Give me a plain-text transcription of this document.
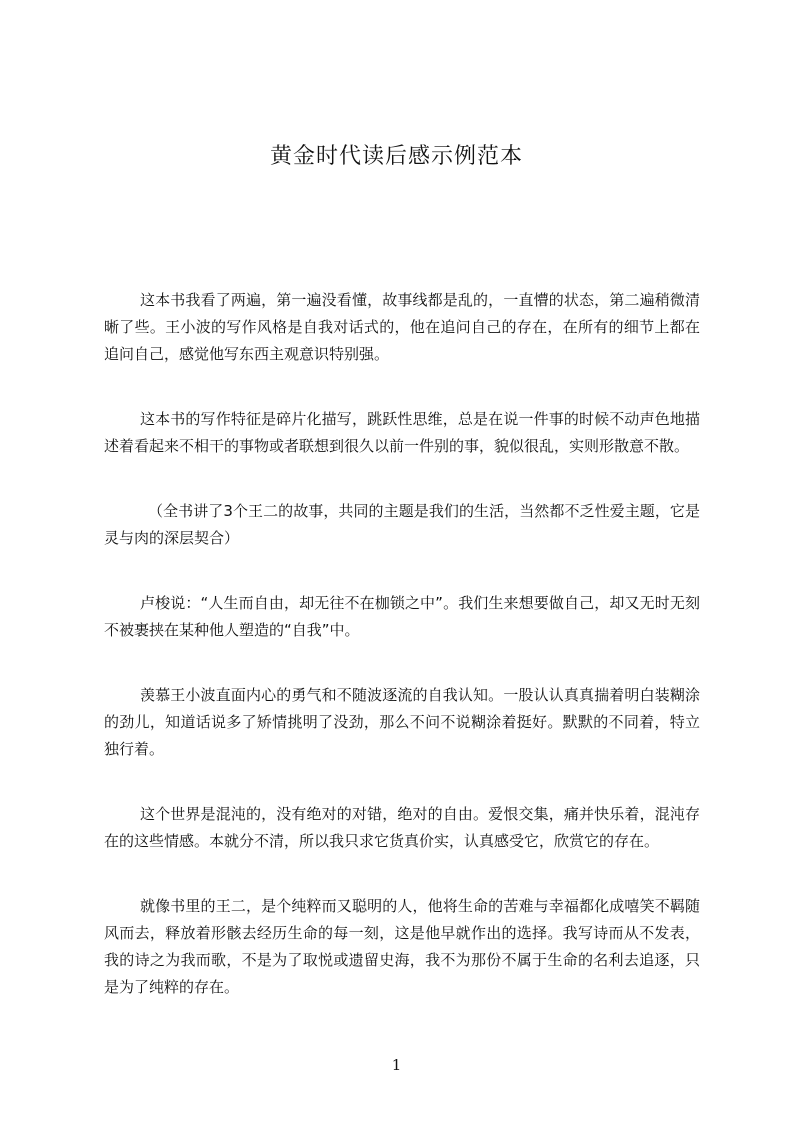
黄金时代读后感示例范本

这本书我看了两遍，第一遍没看懂，故事线都是乱的，一直懵的状态，第二遍稍微清晰了些。王小波的写作风格是自我对话式的，他在追问自己的存在，在所有的细节上都在追问自己，感觉他写东西主观意识特别强。

这本书的写作特征是碎片化描写，跳跃性思维，总是在说一件事的时候不动声色地描述着看起来不相干的事物或者联想到很久以前一件别的事，貌似很乱，实则形散意不散。

（全书讲了3个王二的故事，共同的主题是我们的生活，当然都不乏性爱主题，它是灵与肉的深层契合）

卢梭说：“人生而自由，却无往不在枷锁之中”。我们生来想要做自己，却又无时无刻不被裹挟在某种他人塑造的“自我”中。

羡慕王小波直面内心的勇气和不随波逐流的自我认知。一股认认真真揣着明白装糊涂的劲儿，知道话说多了矫情挑明了没劲，那么不问不说糊涂着挺好。默默的不同着，特立独行着。

这个世界是混沌的，没有绝对的对错，绝对的自由。爱恨交集，痛并快乐着，混沌存在的这些情感。本就分不清，所以我只求它货真价实，认真感受它，欣赏它的存在。

就像书里的王二，是个纯粹而又聪明的人，他将生命的苦难与幸福都化成嘻笑不羁随风而去，释放着形骸去经历生命的每一刻，这是他早就作出的选择。我写诗而从不发表，我的诗之为我而歌，不是为了取悦或遗留史海，我不为那份不属于生命的名利去追逐，只是为了纯粹的存在。

1
